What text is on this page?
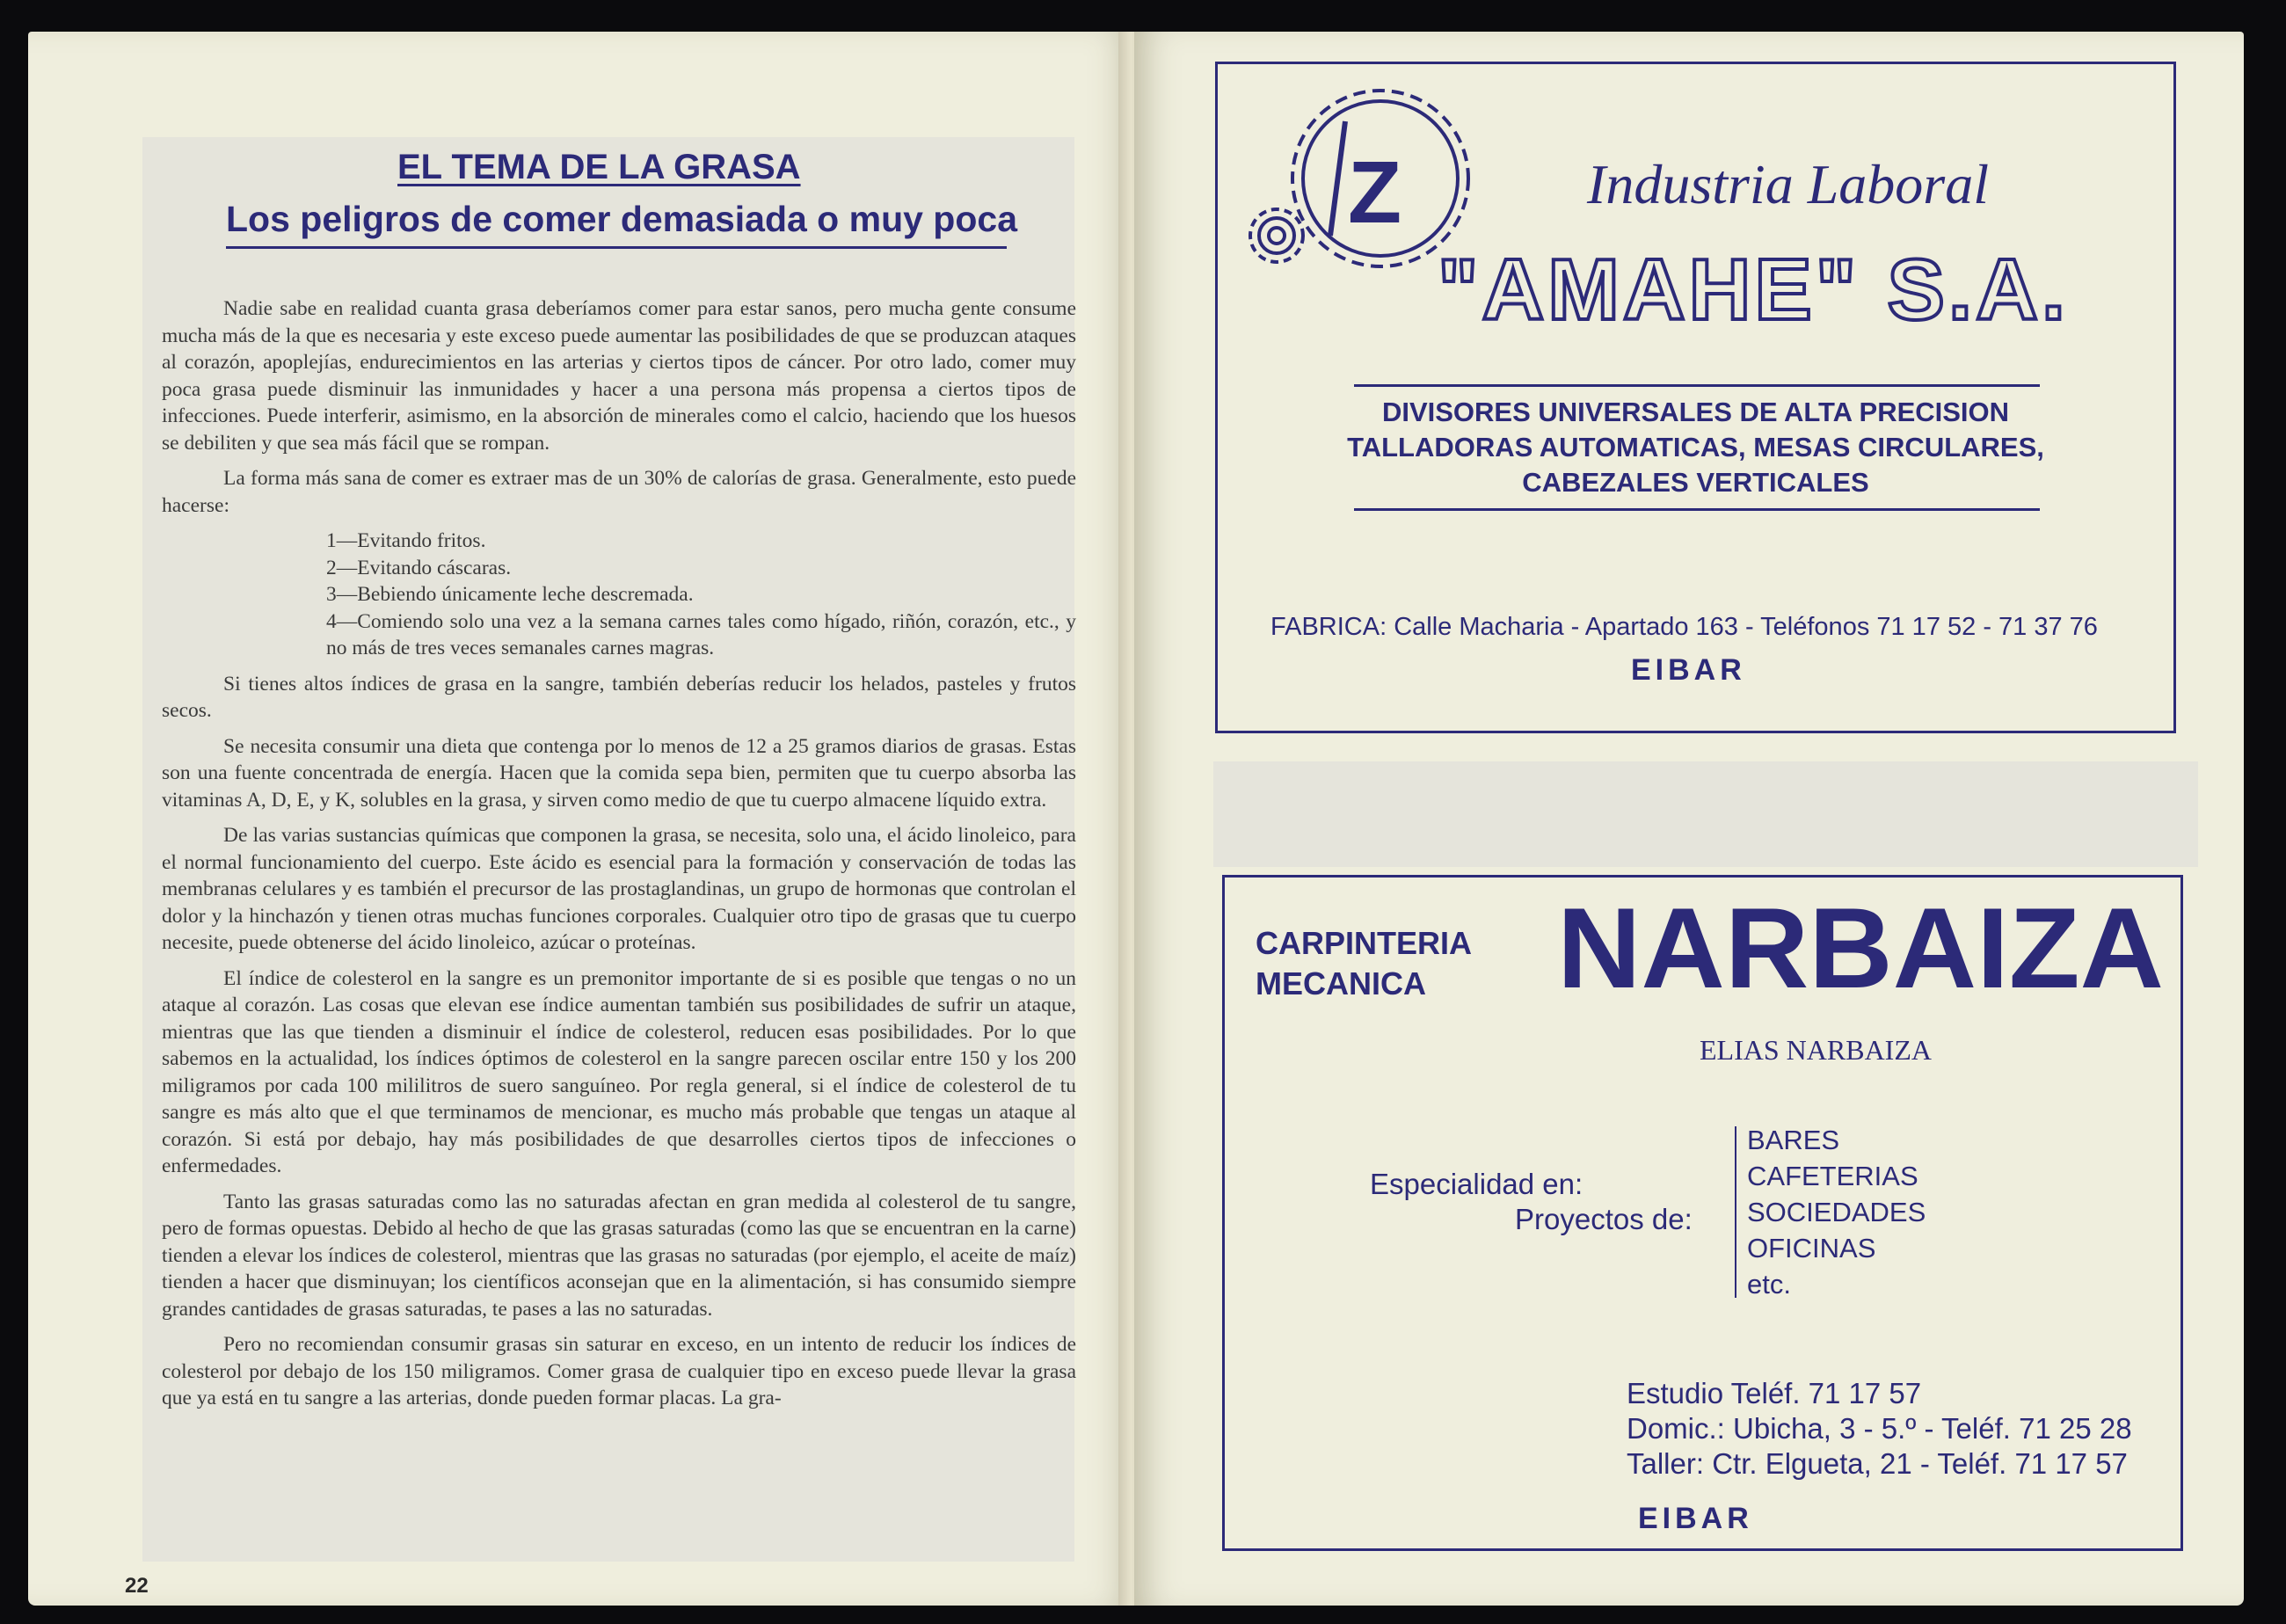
EL TEMA DE LA GRASA
Los peligros de comer demasiada o muy poca

Nadie sabe en realidad cuanta grasa deberíamos comer para estar sanos, pero mucha gente consume mucha más de la que es necesaria y este exceso puede aumentar las posibilidades de que se produzcan ataques al corazón, apoplejías, endurecimientos en las arterias y ciertos tipos de cáncer. Por otro lado, comer muy poca grasa puede disminuir las inmunidades y hacer a una persona más propensa a ciertos tipos de infecciones. Puede interferir, asimismo, en la absorción de minerales como el calcio, haciendo que los huesos se debiliten y que sea más fácil que se rompan.

La forma más sana de comer es extraer mas de un 30% de calorías de grasa. Generalmente, esto puede hacerse:

1—Evitando fritos.
2—Evitando cáscaras.
3—Bebiendo únicamente leche descremada.
4—Comiendo solo una vez a la semana carnes tales como hígado, riñón, corazón, etc., y no más de tres veces semanales carnes magras.

Si tienes altos índices de grasa en la sangre, también deberías reducir los helados, pasteles y frutos secos.

Se necesita consumir una dieta que contenga por lo menos de 12 a 25 gramos diarios de grasas. Estas son una fuente concentrada de energía. Hacen que la comida sepa bien, permiten que tu cuerpo absorba las vitaminas A, D, E, y K, solubles en la grasa, y sirven como medio de que tu cuerpo almacene líquido extra.

De las varias sustancias químicas que componen la grasa, se necesita, solo una, el ácido linoleico, para el normal funcionamiento del cuerpo. Este ácido es esencial para la formación y conservación de todas las membranas celulares y es también el precursor de las prostaglandinas, un grupo de hormonas que controlan el dolor y la hinchazón y tienen otras muchas funciones corporales. Cualquier otro tipo de grasas que tu cuerpo necesite, puede obtenerse del ácido linoleico, azúcar o proteínas.

El índice de colesterol en la sangre es un premonitor importante de si es posible que tengas o no un ataque al corazón. Las cosas que elevan ese índice aumentan también sus posibilidades de sufrir un ataque, mientras que las que tienden a disminuir el índice de colesterol, reducen esas posibilidades. Por lo que sabemos en la actualidad, los índices óptimos de colesterol en la sangre parecen oscilar entre 150 y los 200 miligramos por cada 100 mililitros de suero sanguíneo. Por regla general, si el índice de colesterol de tu sangre es más alto que el que terminamos de mencionar, es mucho más probable que tengas un ataque al corazón. Si está por debajo, hay más posibilidades de que desarrolles ciertos tipos de infecciones o enfermedades.

Tanto las grasas saturadas como las no saturadas afectan en gran medida al colesterol de tu sangre, pero de formas opuestas. Debido al hecho de que las grasas saturadas (como las que se encuentran en la carne) tienden a elevar los índices de colesterol, mientras que las grasas no saturadas (por ejemplo, el aceite de maíz) tienden a hacer que disminuyan; los científicos aconsejan que en la alimentación, si has consumido siempre grandes cantidades de grasas saturadas, te pases a las no saturadas.

Pero no recomiendan consumir grasas sin saturar en exceso, en un intento de reducir los índices de colesterol por debajo de los 150 miligramos. Comer grasa de cualquier tipo en exceso puede llevar la grasa que ya está en tu sangre a las arterias, donde pueden formar placas. La gra-

22
Z	Industria Laboral
"AMAHE" S.A.
DIVISORES UNIVERSALES DE ALTA PRECISION
TALLADORAS AUTOMATICAS, MESAS CIRCULARES,
CABEZALES VERTICALES
FABRICA: Calle Macharia - Apartado 163 - Teléfonos 71 17 52 - 71 37 76
EIBAR
CARPINTERIA
MECANICA	NARBAIZA
ELIAS NARBAIZA
Especialidad en:
Proyectos de:
BARES
CAFETERIAS
SOCIEDADES
OFICINAS
etc.
Estudio Teléf. 71 17 57
Domic.: Ubicha, 3 - 5.º - Teléf. 71 25 28
Taller: Ctr. Elgueta, 21 - Teléf. 71 17 57
EIBAR
